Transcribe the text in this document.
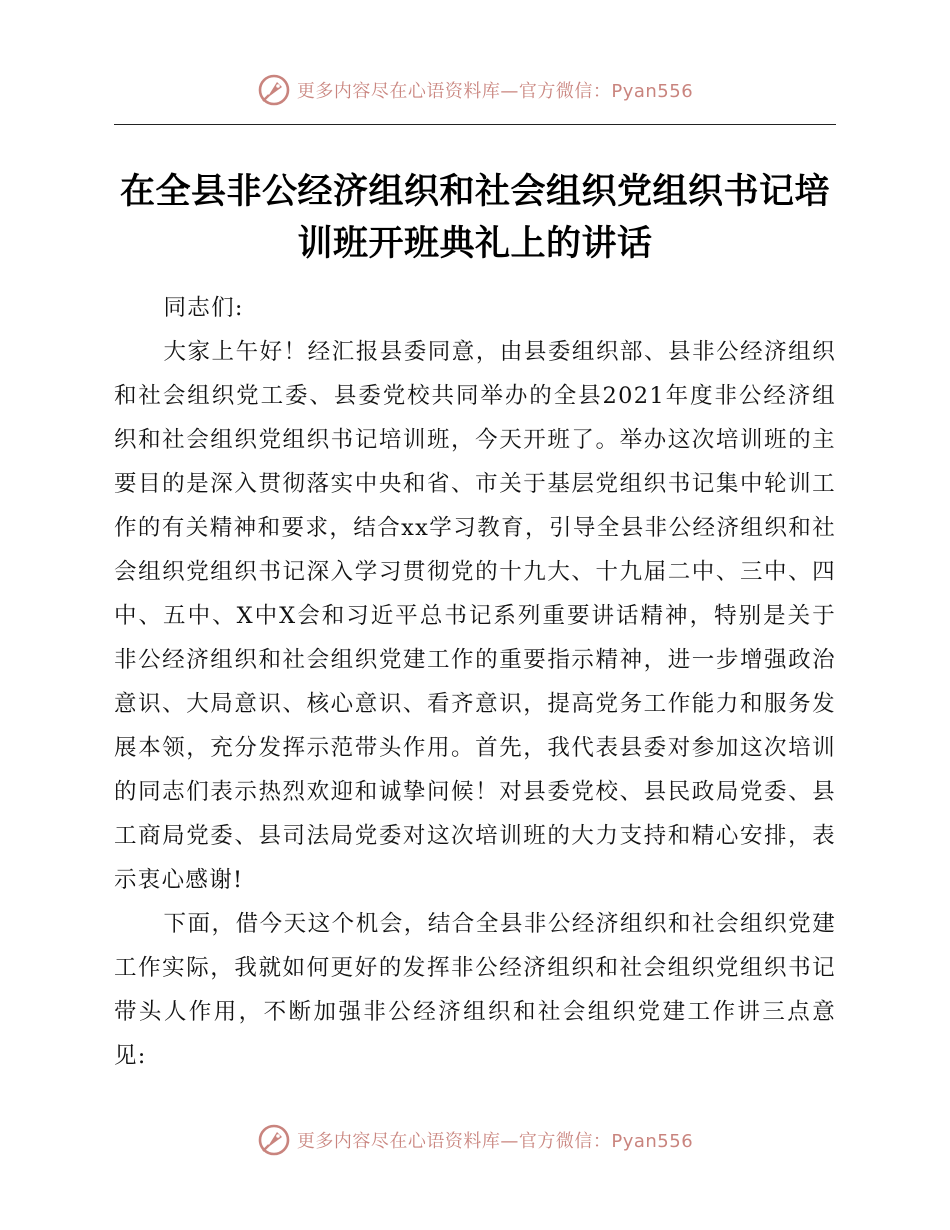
更多内容尽在心语资料库—官方微信：Pyan556
在全县非公经济组织和社会组织党组织书记培训班开班典礼上的讲话

同志们:

大家上午好！经汇报县委同意，由县委组织部、县非公经济组织和社会组织党工委、县委党校共同举办的全县2021年度非公经济组织和社会组织党组织书记培训班，今天开班了。举办这次培训班的主要目的是深入贯彻落实中央和省、市关于基层党组织书记集中轮训工作的有关精神和要求，结合xx学习教育，引导全县非公经济组织和社会组织党组织书记深入学习贯彻党的十九大、十九届二中、三中、四中、五中、X中X会和习近平总书记系列重要讲话精神，特别是关于非公经济组织和社会组织党建工作的重要指示精神，进一步增强政治意识、大局意识、核心意识、看齐意识，提高党务工作能力和服务发展本领，充分发挥示范带头作用。首先，我代表县委对参加这次培训的同志们表示热烈欢迎和诚挚问候！对县委党校、县民政局党委、县工商局党委、县司法局党委对这次培训班的大力支持和精心安排，表示衷心感谢!

下面，借今天这个机会，结合全县非公经济组织和社会组织党建工作实际，我就如何更好的发挥非公经济组织和社会组织党组织书记带头人作用，不断加强非公经济组织和社会组织党建工作讲三点意见:

更多内容尽在心语资料库—官方微信：Pyan556
